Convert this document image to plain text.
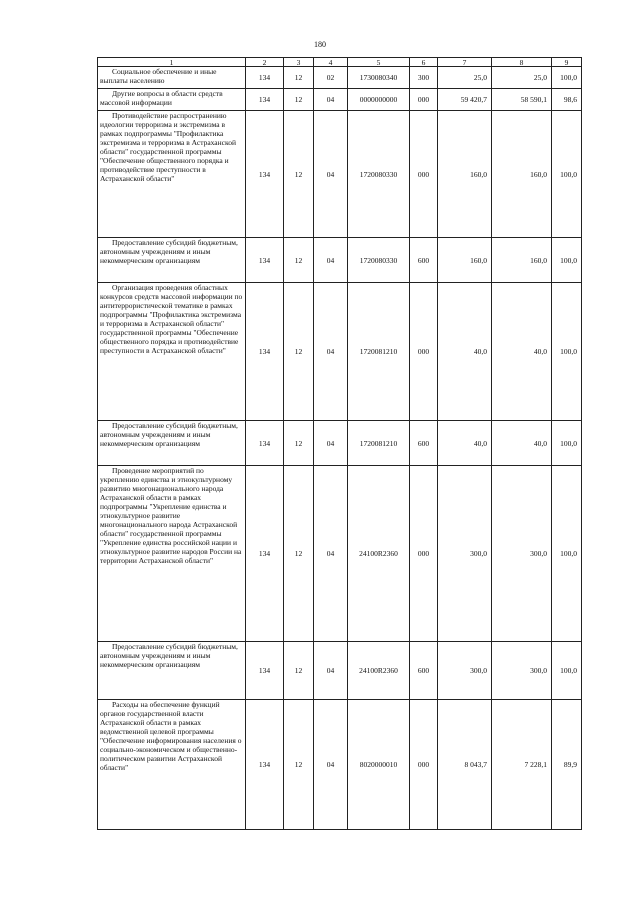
180
1	2	3	4	5	6	7	8	9
Социальное обеспечение и иные выплаты населению	134	12	02	1730080340	300	25,0	25,0	100,0
Другие вопросы в области средств массовой информации	134	12	04	0000000000	000	59 420,7	58 590,1	98,6
Противодействие распространению идеологии терроризма и экстремизма в рамках подпрограммы "Профилактика экстремизма и терроризма в Астраханской области" государственной программы "Обеспечение общественного порядка и противодействие преступности в Астраханской области"	134	12	04	1720080330	000	160,0	160,0	100,0
Предоставление субсидий бюджетным, автономным учреждениям и иным некоммерческим организациям	134	12	04	1720080330	600	160,0	160,0	100,0
Организация проведения областных конкурсов средств массовой информации по антитеррористической тематике в рамках подпрограммы "Профилактика экстремизма и терроризма в Астраханской области" государственной программы "Обеспечение общественного порядка и противодействие преступности в Астраханской области"	134	12	04	1720081210	000	40,0	40,0	100,0
Предоставление субсидий бюджетным, автономным учреждениям и иным некоммерческим организациям	134	12	04	1720081210	600	40,0	40,0	100,0
Проведение мероприятий по укреплению единства и этнокультурному развитию многонационального народа Астраханской области в рамках подпрограммы "Укрепление единства и этнокультурное развитие многонационального народа Астраханской области" государственной программы "Укрепление единства российской нации и этнокультурное развитие народов России на территории Астраханской области"	134	12	04	24100R2360	000	300,0	300,0	100,0
Предоставление субсидий бюджетным, автономным учреждениям и иным некоммерческим организациям	134	12	04	24100R2360	600	300,0	300,0	100,0
Расходы на обеспечение функций органов государственной власти Астраханской области в рамках ведомственной целевой программы "Обеспечение информирования населения о социально-экономическом и общественно-политическом развитии Астраханской области"	134	12	04	8020000010	000	8 043,7	7 228,1	89,9
